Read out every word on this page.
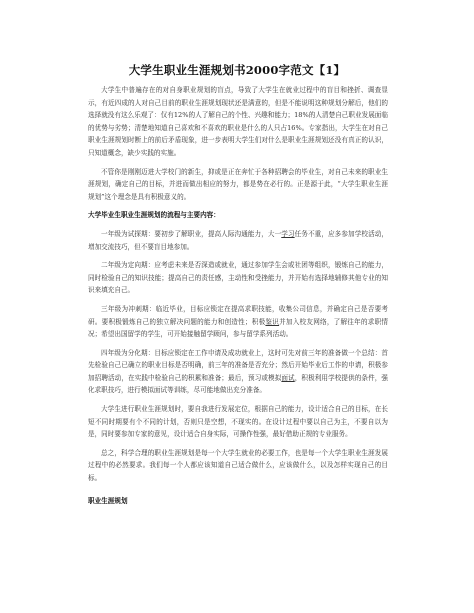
大学生职业生涯规划书2000字范文【1】

大学生中普遍存在的对自身职业规划的盲点，导致了大学生在就业过程中的盲目和挫折、调查显示，有近四成的人对自己目前的职业生涯规划现状还是满意的，但是不能说明这种规划分解后，他们的选择就没有这么乐观了：仅有12%的人了解自己的个性、兴趣和能力；18%的人清楚自己职业发展面临的优势与劣势；清楚地知道自己喜欢和不喜欢的职业是什么的人只占16%。专家指出，大学生在对自己职业生涯规划时断上的前后矛盾现象，进一步表明大学生们对什么是职业生涯规划还没有真正的认识，只知道概念，缺少实践的实施。

不管你是刚刚迈进大学校门的新生，抑或是正在奔忙于各种招聘会的毕业生，对自己未来的职业生涯规划，确定自己的目标，并进而做出相应的努力，都是势在必行的。正是源于此，“大学生职业生涯规划”这个理念是具有积极意义的。

大学毕业生职业生涯规划的流程与主要内容：

一年级为试探期：要初步了解职业，提高人际沟通能力，大一学习任务不重，应多参加学校活动，增加交流技巧，但不要盲目地参加。

二年级为定向期：应考虑未来是否深造或就业，通过参加学生会或社团等组织，锻炼自己的能力，同时检验自己的知识技能；提高自己的责任感，主动性和受挫能力，并开始有选择地辅修其他专业的知识来填充自己。

三年级为冲刺期：临近毕业，目标应锁定在提高求职技能，收集公司信息，并确定自己是否要考研。要积极锻炼自己的独立解决问题的能力和创造性；积极鉴识并加入校友网络，了解往年的求职情况；希望出国留学的学生，可开始接触留学顾问，参与留学系列活动。

四年级为分化期：目标应锁定在工作申请及成功就业上，这时可先对前三年的准备做一个总结：首先检验自己已确立的职业目标是否明确，前三年的准备是否充分；然后开始毕业后工作的申请，积极参加招聘活动，在实践中检验自己的积累和准备；最后，预习或模拟面试，积极利用学校提供的条件，强化求职技巧，进行模拟面试等训练，尽可能地做出充分准备。

大学生进行职业生涯规划时，要自我进行发展定位，根据自己的能力，设计适合自己的目标，在长短不同时期要有个不同的计划，否则只是空想，不现实的。在设计过程中要以自己为主，不要自以为是，同时要参加专家的意见，设计适合自身实际，可操作性强，最好借助正规的专业服务。

总之，科学合理的职业生涯规划是每一个大学生就业的必要工作，也是每一个大学生职业生涯发展过程中的必然要求。我们每一个人都应该知道自己适合做什么，应该做什么，以及怎样实现自己的目标。

职业生涯规划
